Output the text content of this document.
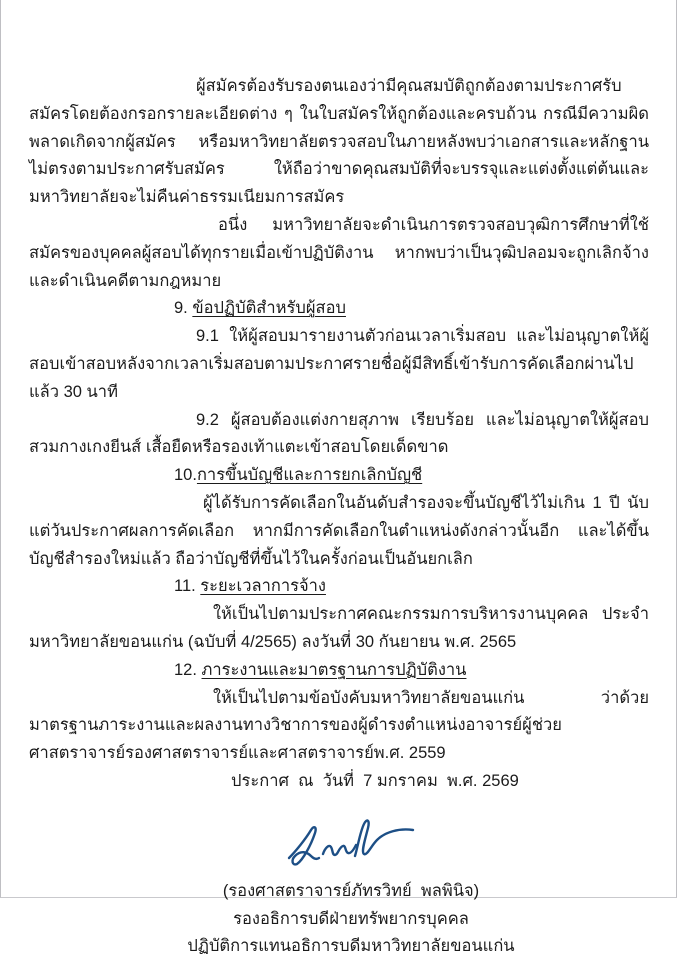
ผู้สมัครต้องรับรองตนเองว่ามีคุณสมบัติถูกต้องตามประกาศรับสมัครโดยต้องกรอกรายละเอียดต่าง ๆ ในใบสมัครให้ถูกต้องและครบถ้วน กรณีมีความผิดพลาดเกิดจากผู้สมัคร หรือมหาวิทยาลัยตรวจสอบในภายหลังพบว่าเอกสารและหลักฐานไม่ตรงตามประกาศรับสมัคร ให้ถือว่าขาดคุณสมบัติที่จะบรรจุและแต่งตั้งแต่ต้นและมหาวิทยาลัยจะไม่คืนค่าธรรมเนียมการสมัคร

อนึ่ง มหาวิทยาลัยจะดำเนินการตรวจสอบวุฒิการศึกษาที่ใช้สมัครของบุคคลผู้สอบได้ทุกรายเมื่อเข้าปฏิบัติงาน หากพบว่าเป็นวุฒิปลอมจะถูกเลิกจ้างและดำเนินคดีตามกฎหมาย

9. ข้อปฏิบัติสำหรับผู้สอบ

9.1 ให้ผู้สอบมารายงานตัวก่อนเวลาเริ่มสอบ และไม่อนุญาตให้ผู้สอบเข้าสอบหลังจากเวลาเริ่มสอบตามประกาศรายชื่อผู้มีสิทธิ์เข้ารับการคัดเลือกผ่านไปแล้ว 30 นาที

9.2 ผู้สอบต้องแต่งกายสุภาพ เรียบร้อย และไม่อนุญาตให้ผู้สอบสวมกางเกงยีนส์ เสื้อยืดหรือรองเท้าแตะเข้าสอบโดยเด็ดขาด

10.การขึ้นบัญชีและการยกเลิกบัญชี

ผู้ได้รับการคัดเลือกในอันดับสำรองจะขึ้นบัญชีไว้ไม่เกิน 1 ปี นับแต่วันประกาศผลการคัดเลือก หากมีการคัดเลือกในตำแหน่งดังกล่าวนั้นอีก และได้ขึ้นบัญชีสำรองใหม่แล้ว ถือว่าบัญชีที่ขึ้นไว้ในครั้งก่อนเป็นอันยกเลิก

11. ระยะเวลาการจ้าง

ให้เป็นไปตามประกาศคณะกรรมการบริหารงานบุคคล ประจำมหาวิทยาลัยขอนแก่น (ฉบับที่ 4/2565) ลงวันที่ 30 กันยายน พ.ศ. 2565

12. ภาระงานและมาตรฐานการปฏิบัติงาน

ให้เป็นไปตามข้อบังคับมหาวิทยาลัยขอนแก่น ว่าด้วย มาตรฐานภาระงานและผลงานทางวิชาการของผู้ดำรงตำแหน่งอาจารย์ผู้ช่วยศาสตราจารย์รองศาสตราจารย์และศาสตราจารย์พ.ศ. 2559

ประกาศ  ณ  วันที่  7 มกราคม  พ.ศ. 2569

(รองศาสตราจารย์ภัทรวิทย์  พลพินิจ)

รองอธิการบดีฝ่ายทรัพยากรบุคคล

ปฏิบัติการแทนอธิการบดีมหาวิทยาลัยขอนแก่น
